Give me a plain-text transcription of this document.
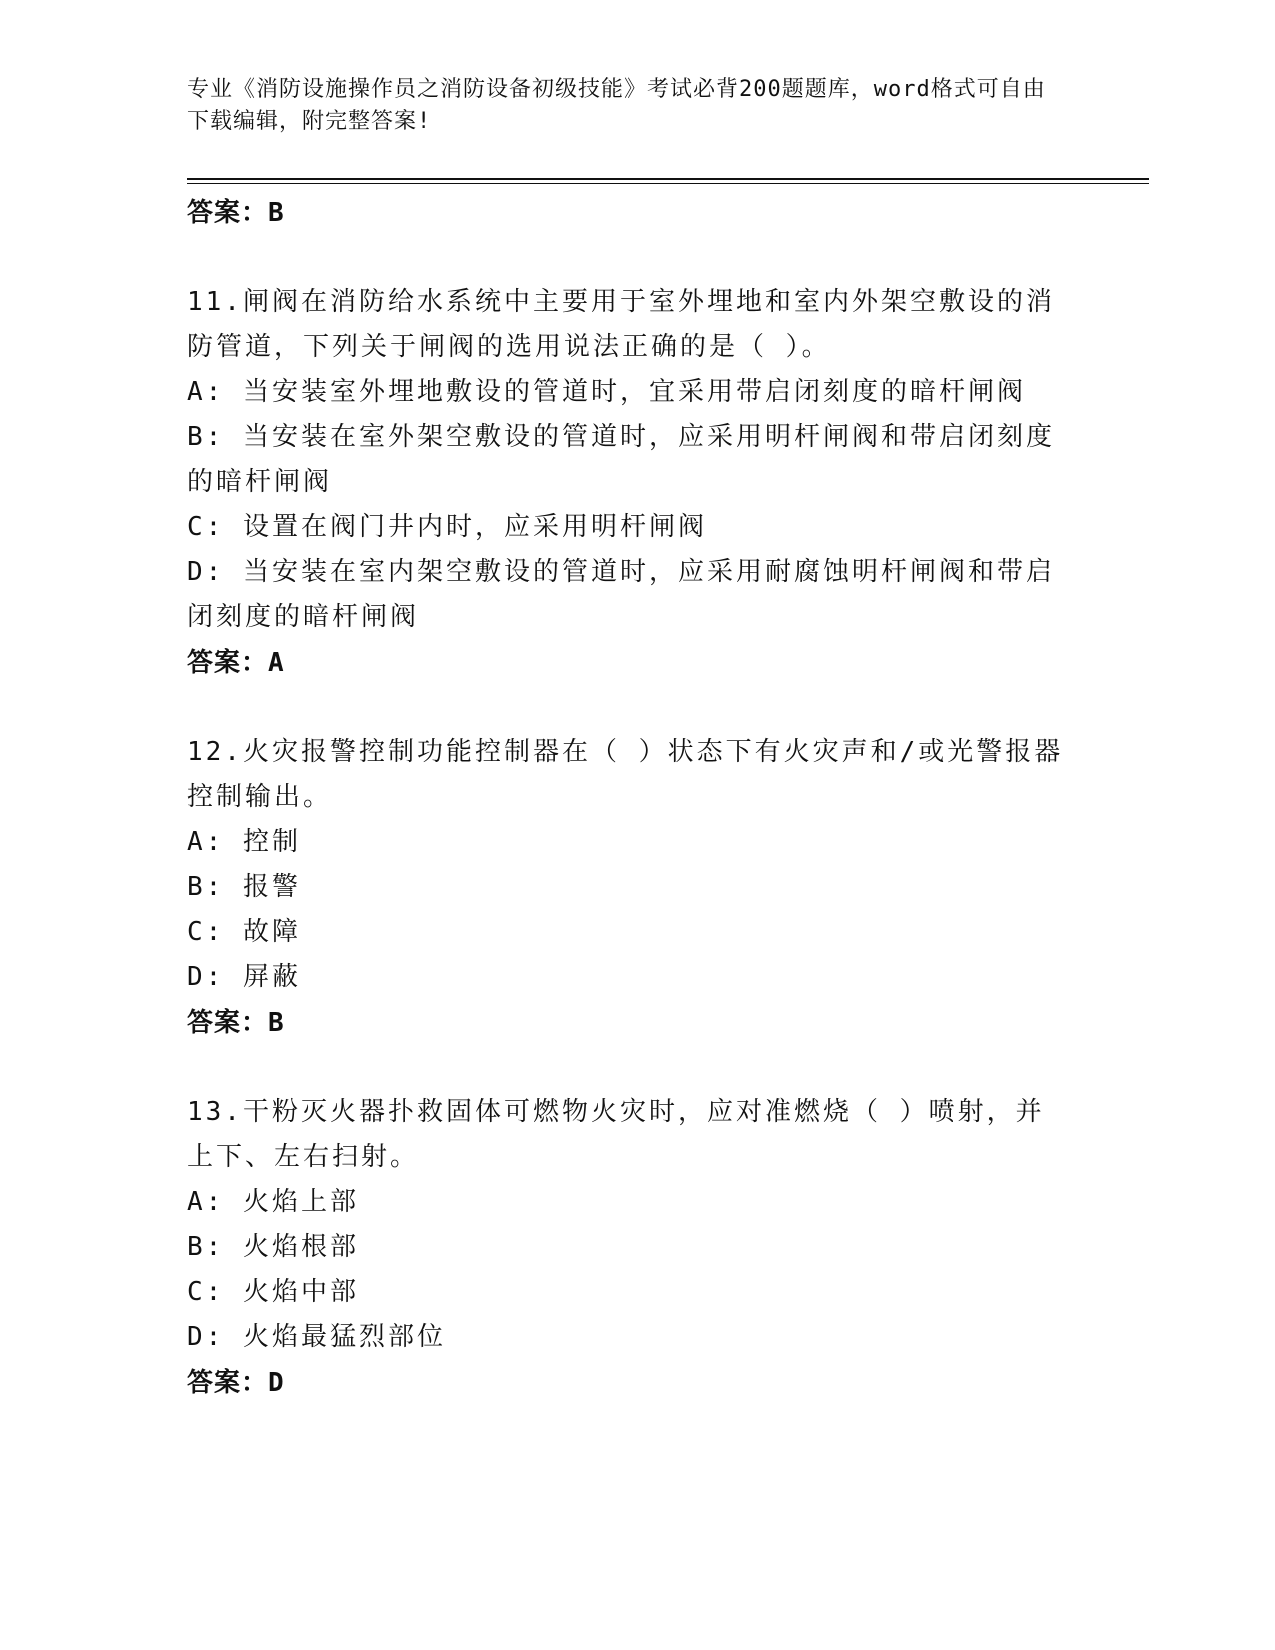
专业《消防设施操作员之消防设备初级技能》考试必背200题题库，word格式可自由下载编辑，附完整答案!
答案：B
11.闸阀在消防给水系统中主要用于室外埋地和室内外架空敷设的消防管道，下列关于闸阀的选用说法正确的是（ ）。
A: 当安装室外埋地敷设的管道时，宜采用带启闭刻度的暗杆闸阀
B: 当安装在室外架空敷设的管道时，应采用明杆闸阀和带启闭刻度的暗杆闸阀
C: 设置在阀门井内时，应采用明杆闸阀
D: 当安装在室内架空敷设的管道时，应采用耐腐蚀明杆闸阀和带启闭刻度的暗杆闸阀
答案：A
12.火灾报警控制功能控制器在（ ）状态下有火灾声和/或光警报器控制输出。
A: 控制
B: 报警
C: 故障
D: 屏蔽
答案：B
13.干粉灭火器扑救固体可燃物火灾时，应对准燃烧（ ）喷射，并上下、左右扫射。
A: 火焰上部
B: 火焰根部
C: 火焰中部
D: 火焰最猛烈部位
答案：D
